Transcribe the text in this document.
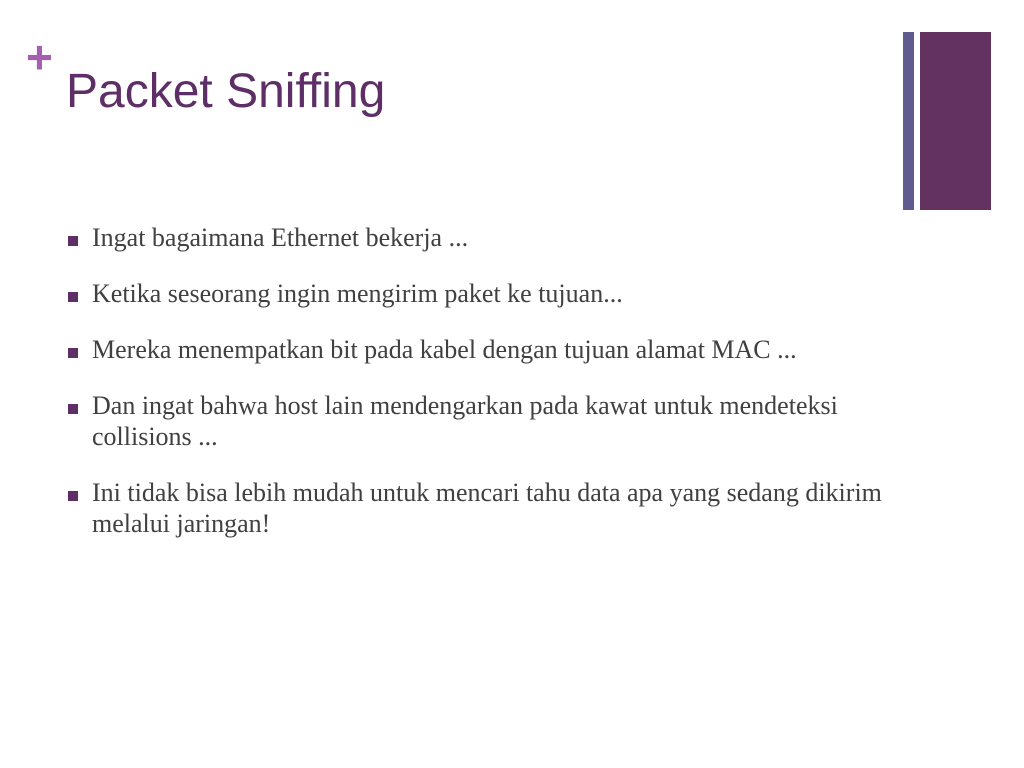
+
Packet Sniffing
Ingat bagaimana Ethernet bekerja ...
Ketika seseorang ingin mengirim paket ke tujuan...
Mereka menempatkan bit pada kabel dengan tujuan alamat MAC ...
Dan ingat bahwa host lain mendengarkan pada kawat untuk mendeteksi collisions ...
Ini tidak bisa lebih mudah untuk mencari tahu data apa yang sedang dikirim melalui jaringan!
